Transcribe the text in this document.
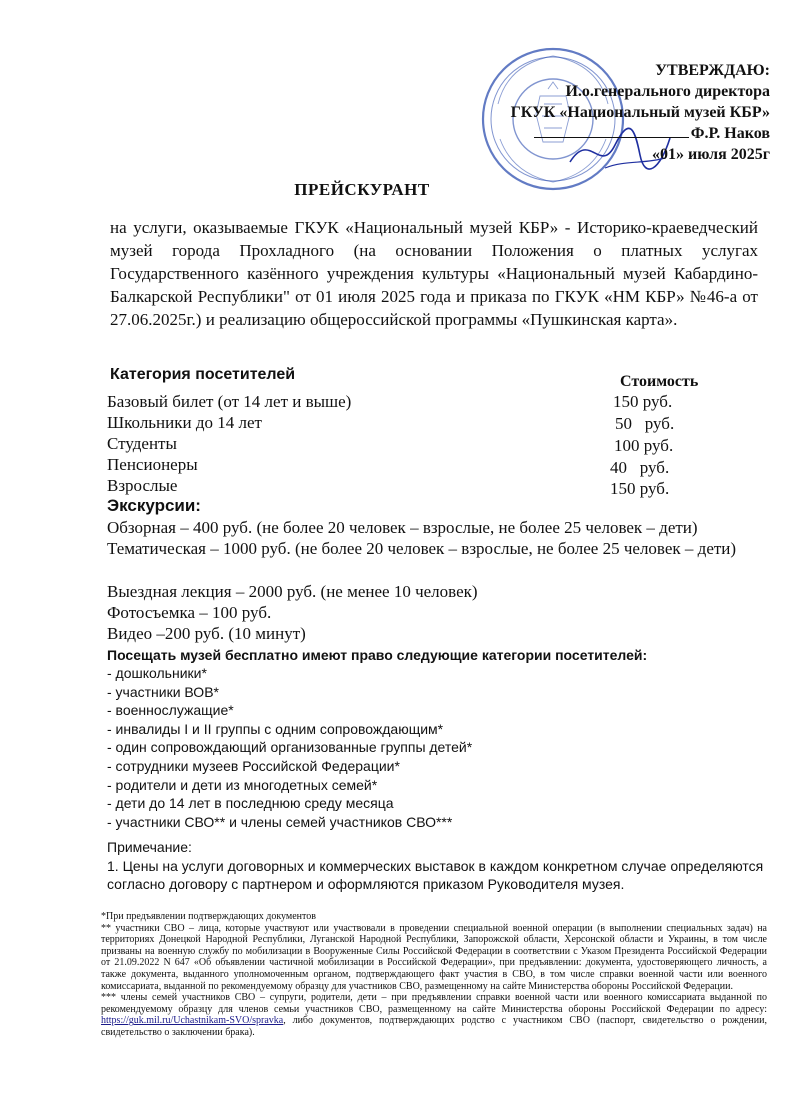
УТВЕРЖДАЮ:
И.о.генерального директора
ГКУК «Национальный музей КБР»
Ф.Р. Наков
«01» июля 2025г
ПРЕЙСКУРАНТ
на услуги, оказываемые ГКУК «Национальный музей КБР» - Историко-краеведческий музей города Прохладного (на основании Положения о платных услугах Государственного казённого учреждения культуры «Национальный музей Кабардино-Балкарской Республики" от 01 июля 2025 года и приказа по ГКУК «НМ КБР» №46-а от 27.06.2025г.) и реализацию общероссийской программы «Пушкинская карта».
Категория посетителей	Стоимость
Базовый билет (от 14 лет и выше)	150 руб.
Школьники до 14 лет	50   руб.
Студенты	100 руб.
Пенсионеры	40   руб.
Взрослые	150 руб.
Экскурсии:
Обзорная – 400 руб. (не более 20 человек – взрослые, не более 25 человек – дети)
Тематическая – 1000 руб. (не более 20 человек – взрослые, не более 25 человек – дети)
Выездная лекция – 2000 руб. (не менее 10 человек)
Фотосъемка – 100 руб.
Видео –200 руб. (10 минут)
Посещать музей бесплатно имеют право следующие категории посетителей:
- дошкольники*
- участники ВОВ*
- военнослужащие*
- инвалиды I и II группы с одним сопровождающим*
- один сопровождающий организованные группы детей*
- сотрудники музеев Российской Федерации*
- родители и дети из многодетных семей*
- дети до 14 лет в последнюю среду месяца
- участники СВО** и члены семей участников СВО***
Примечание:
1. Цены на услуги договорных и коммерческих выставок в каждом конкретном случае определяются согласно договору с партнером и оформляются приказом Руководителя музея.

*При предъявлении подтверждающих документов

** участники СВО – лица, которые участвуют или участвовали в проведении специальной военной операции (в выполнении специальных задач) на территориях Донецкой Народной Республики, Луганской Народной Республики, Запорожской области, Херсонской области и Украины, в том числе призваны на военную службу по мобилизации в Вооруженные Силы Российской Федерации в соответствии с Указом Президента Российской Федерации от 21.09.2022 N 647 «Об объявлении частичной мобилизации в Российской Федерации», при предъявлении: документа, удостоверяющего личность, а также документа, выданного уполномоченным органом, подтверждающего факт участия в СВО, в том числе справки военной части или военного комиссариата, выданной по рекомендуемому образцу для участников СВО, размещенному на сайте Министерства обороны Российской Федерации.

*** члены семей участников СВО – супруги, родители, дети – при предъявлении справки военной части или военного комиссариата выданной по рекомендуемому образцу для членов семьи участников СВО, размещенному на сайте Министерства обороны Российской Федерации по адресу: https://guk.mil.ru/Uchastnikam-SVO/spravka, либо документов, подтверждающих родство с участником СВО (паспорт, свидетельство о рождении, свидетельство о заключении брака).
